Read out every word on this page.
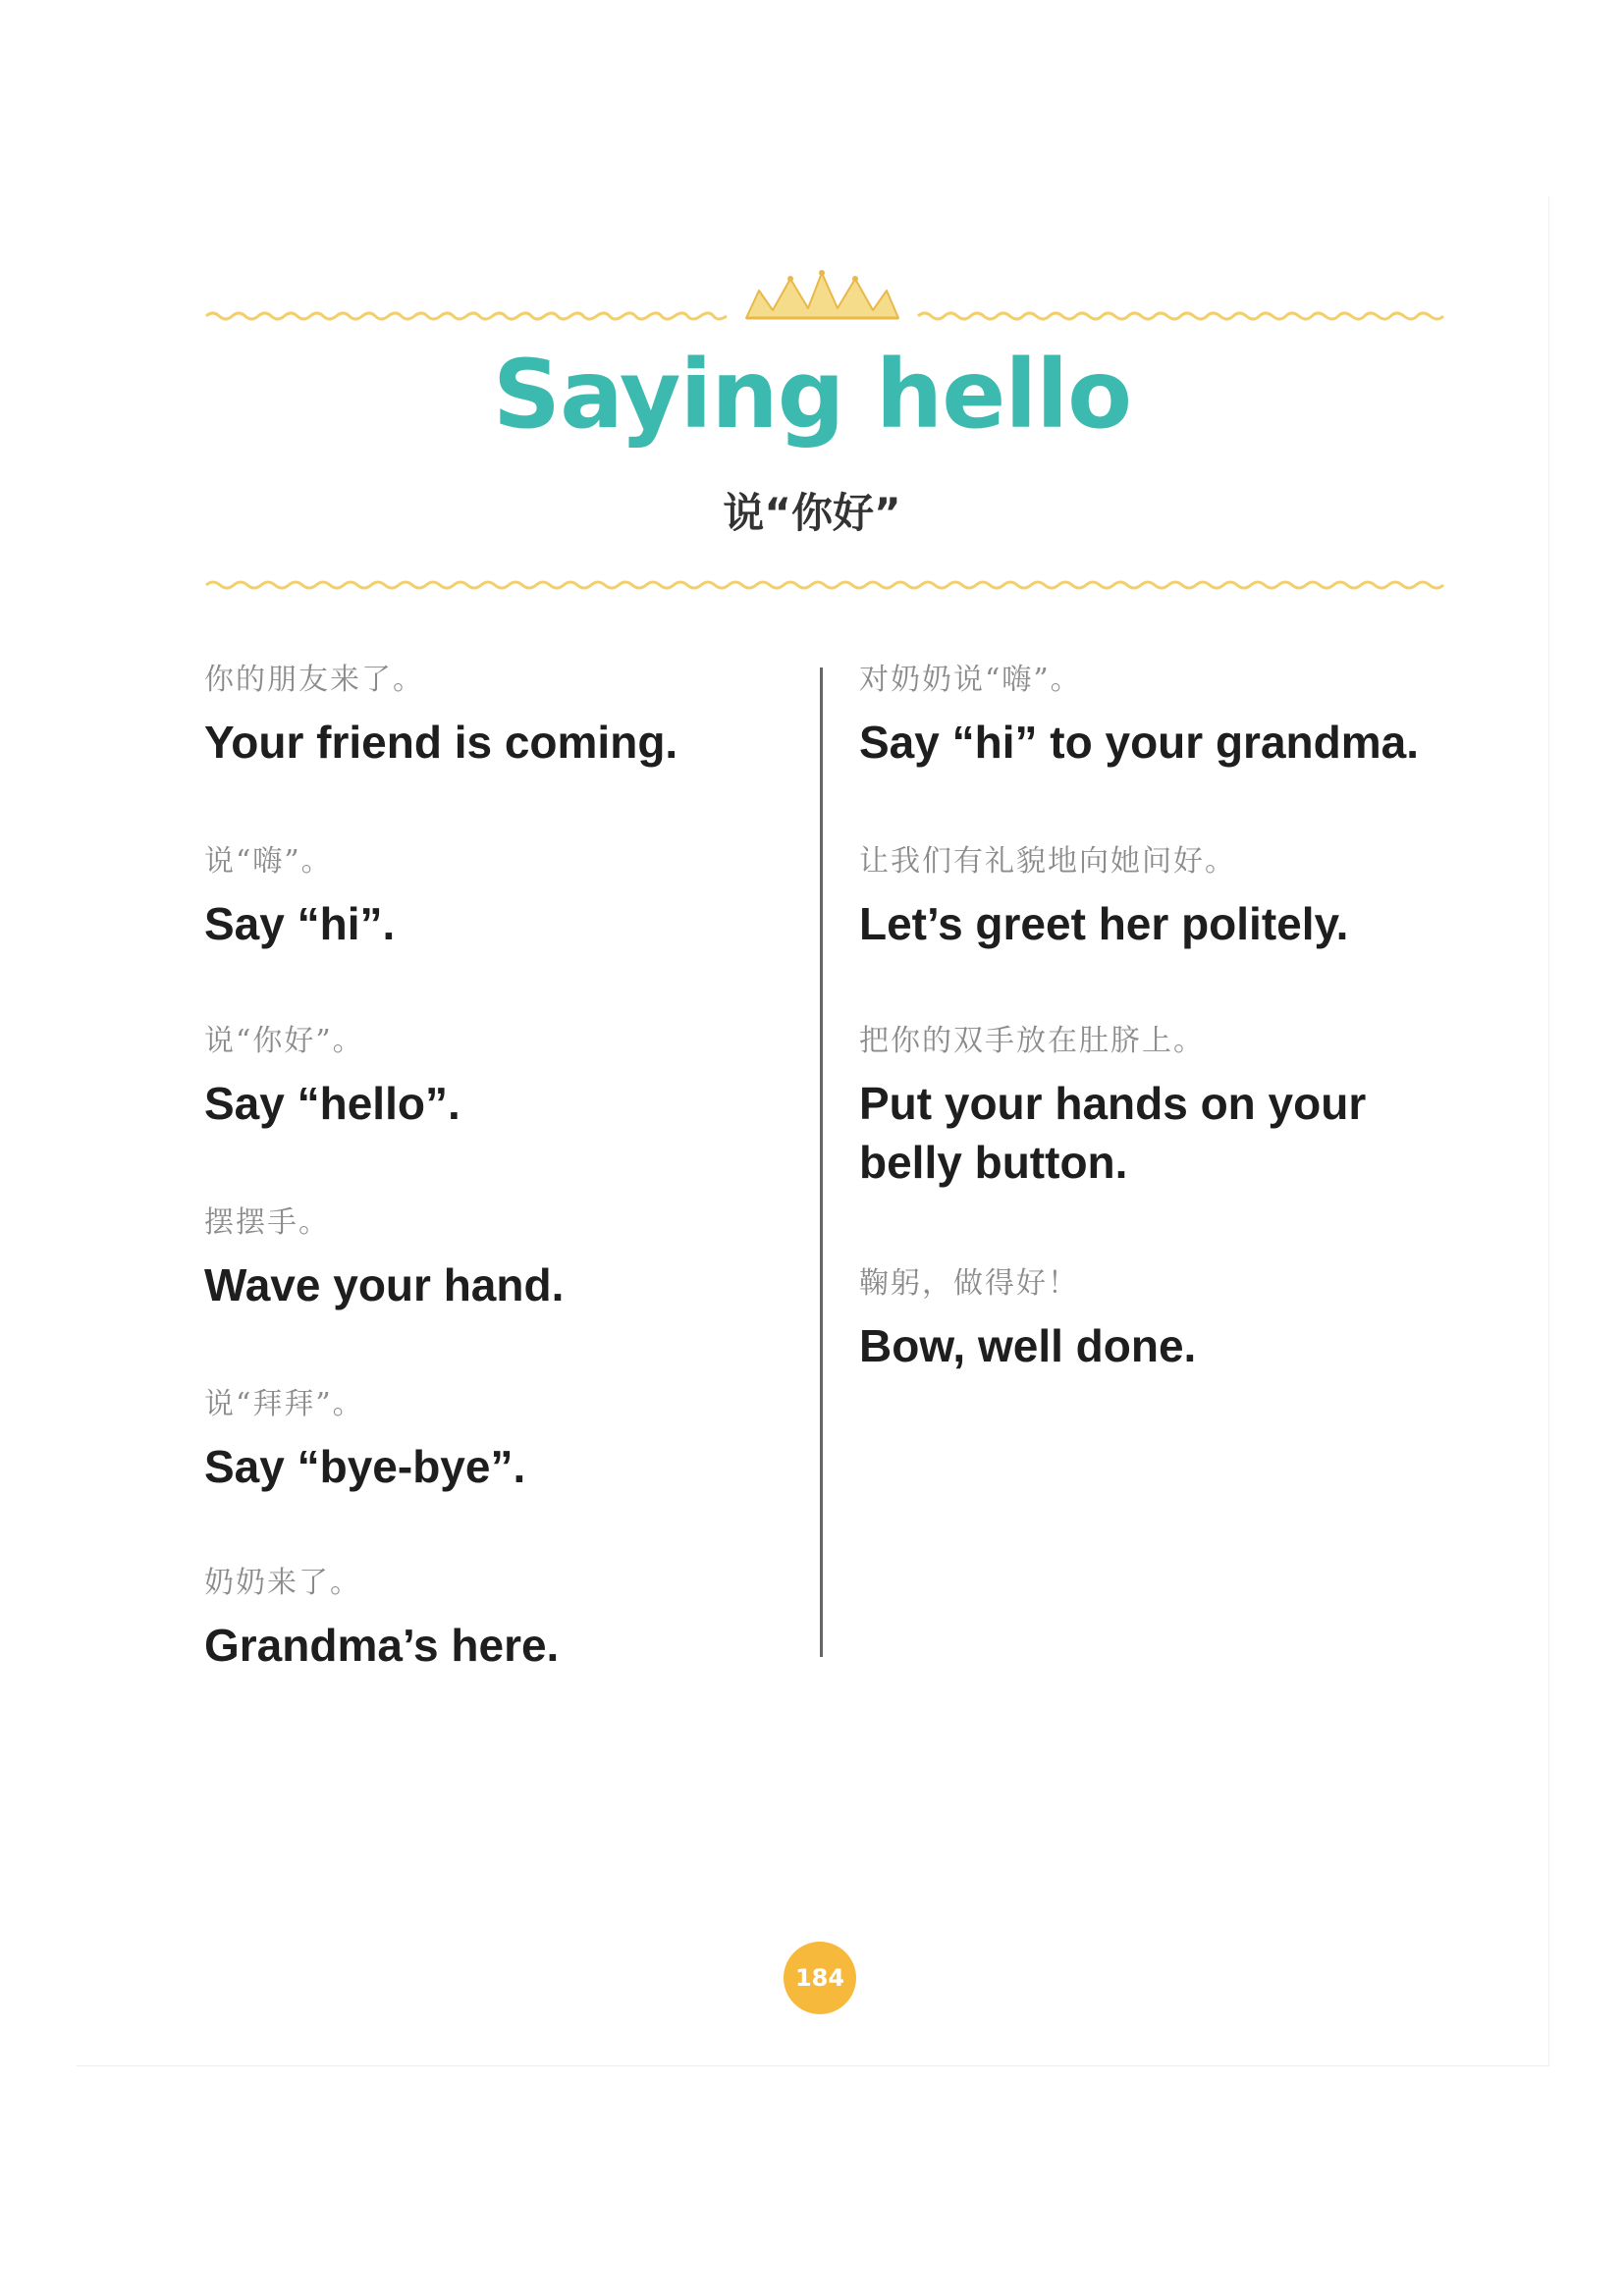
Saying hello

说“你好”

你的朋友来了。

Your friend is coming.

说“嗨”。

Say “hi”.

说“你好”。

Say “hello”.

摆摆手。

Wave your hand.

说“拜拜”。

Say “bye-bye”.

奶奶来了。

Grandma’s here.

对奶奶说“嗨”。

Say “hi” to your grandma.

让我们有礼貌地向她问好。

Let’s greet her politely.

把你的双手放在肚脐上。

Put your hands on your belly button.

鞠躬，做得好！

Bow, well done.

184
